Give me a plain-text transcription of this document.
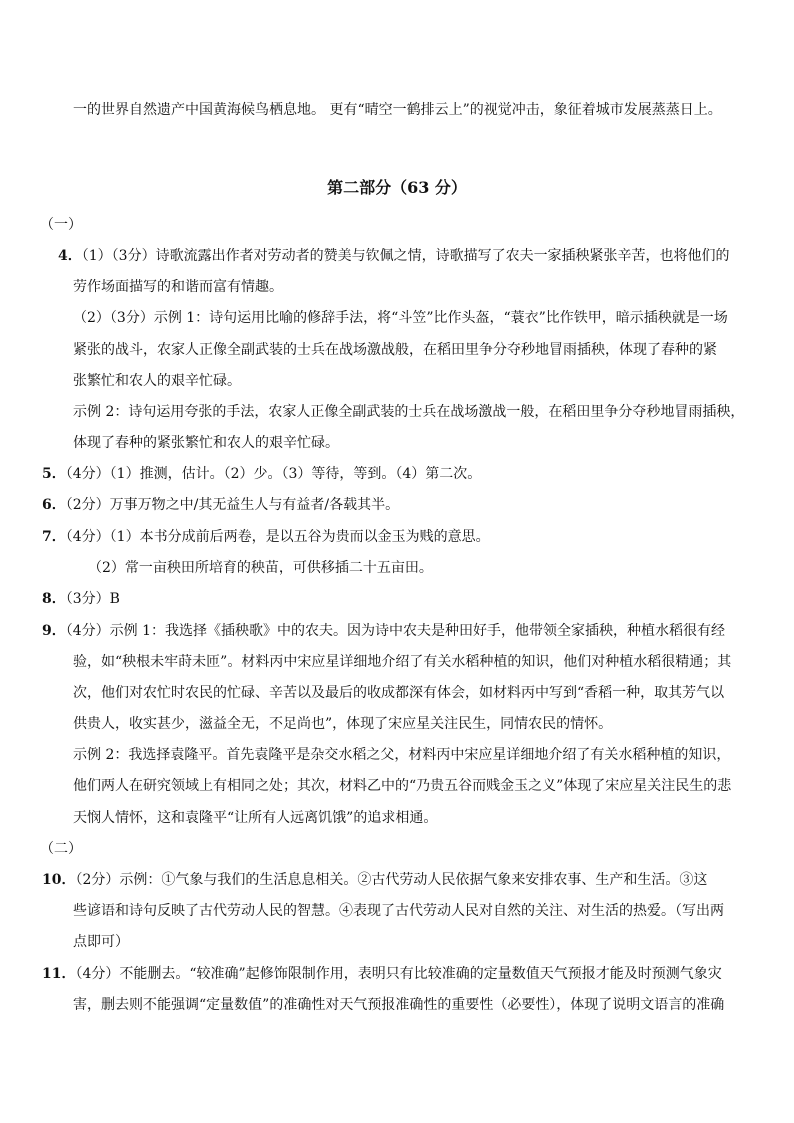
一的世界自然遗产中国黄海候鸟栖息地。 更有“晴空一鹤排云上”的视觉冲击，象征着城市发展蒸蒸日上。
第二部分（63 分）
（一）
4．（1）（3分）诗歌流露出作者对劳动者的赞美与钦佩之情，诗歌描写了农夫一家插秧紧张辛苦，也将他们的
劳作场面描写的和谐而富有情趣。
（2）（3分）示例 1：诗句运用比喻的修辞手法，将“斗笠”比作头盔，“蓑衣”比作铁甲，暗示插秧就是一场
紧张的战斗，农家人正像全副武装的士兵在战场激战般，在稻田里争分夺秒地冒雨插秧，体现了春种的紧
张繁忙和农人的艰辛忙碌。
示例 2：诗句运用夸张的手法，农家人正像全副武装的士兵在战场激战一般，在稻田里争分夺秒地冒雨插秧，
体现了春种的紧张繁忙和农人的艰辛忙碌。
5．（4分）（1）推测，估计。（2）少。（3）等待，等到。（4）第二次。
6．（2分）万事万物之中/其无益生人与有益者/各载其半。
7．（4分）（1）本书分成前后两卷，是以五谷为贵而以金玉为贱的意思。
（2）常一亩秧田所培育的秧苗，可供移插二十五亩田。
8．（3分）B
9．（4分）示例 1：我选择《插秧歌》中的农夫。因为诗中农夫是种田好手，他带领全家插秧，种植水稻很有经
验，如“秧根未牢莳未匝”。材料丙中宋应星详细地介绍了有关水稻种植的知识，他们对种植水稻很精通；其
次，他们对农忙时农民的忙碌、辛苦以及最后的收成都深有体会，如材料丙中写到“香稻一种，取其芳气以
供贵人，收实甚少，滋益全无，不足尚也”，体现了宋应星关注民生，同情农民的情怀。
示例 2：我选择袁隆平。首先袁隆平是杂交水稻之父，材料丙中宋应星详细地介绍了有关水稻种植的知识，
他们两人在研究领域上有相同之处；其次，材料乙中的“乃贵五谷而贱金玉之义”体现了宋应星关注民生的悲
天悯人情怀，这和袁隆平“让所有人远离饥饿”的追求相通。
（二）
10．（2分）示例：①气象与我们的生活息息相关。②古代劳动人民依据气象来安排农事、生产和生活。③这
些谚语和诗句反映了古代劳动人民的智慧。④表现了古代劳动人民对自然的关注、对生活的热爱。（写出两
点即可）
11．（4分）不能删去。“较准确”起修饰限制作用，表明只有比较准确的定量数值天气预报才能及时预测气象灾
害，删去则不能强调“定量数值”的准确性对天气预报准确性的重要性（必要性），体现了说明文语言的准确
